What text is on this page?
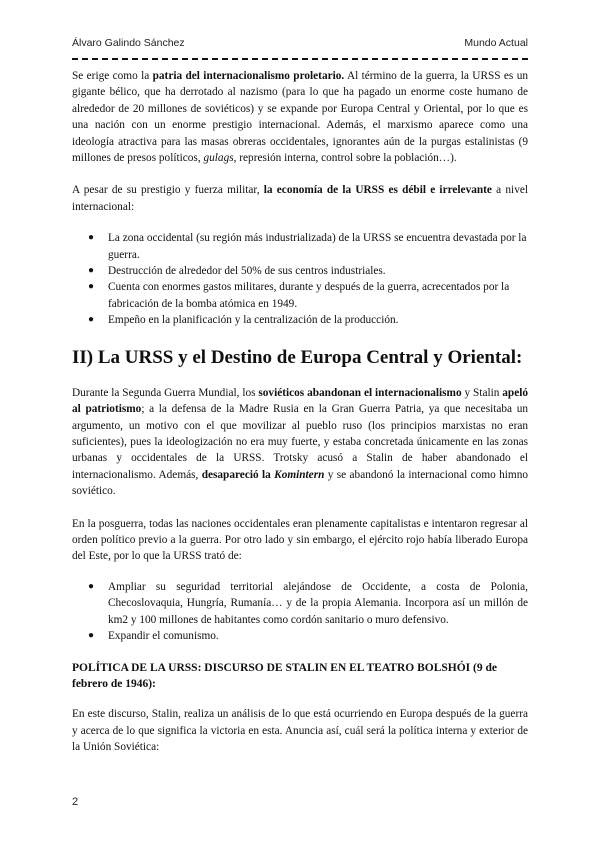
Álvaro Galindo Sánchez	Mundo Actual

Se erige como la patria del internacionalismo proletario. Al término de la guerra, la URSS es un gigante bélico, que ha derrotado al nazismo (para lo que ha pagado un enorme coste humano de alrededor de 20 millones de soviéticos) y se expande por Europa Central y Oriental, por lo que es una nación con un enorme prestigio internacional. Además, el marxismo aparece como una ideología atractiva para las masas obreras occidentales, ignorantes aún de la purgas estalinistas (9 millones de presos políticos, gulags, represión interna, control sobre la población…).

A pesar de su prestigio y fuerza militar, la economía de la URSS es débil e irrelevante a nivel internacional:

● La zona occidental (su región más industrializada) de la URSS se encuentra devastada por la guerra.
● Destrucción de alrededor del 50% de sus centros industriales.
● Cuenta con enormes gastos militares, durante y después de la guerra, acrecentados por la fabricación de la bomba atómica en 1949.
● Empeño en la planificación y la centralización de la producción.
II) La URSS y el Destino de Europa Central y Oriental:

Durante la Segunda Guerra Mundial, los soviéticos abandonan el internacionalismo y Stalin apeló al patriotismo; a la defensa de la Madre Rusia en la Gran Guerra Patria, ya que necesitaba un argumento, un motivo con el que movilizar al pueblo ruso (los principios marxistas no eran suficientes), pues la ideologización no era muy fuerte, y estaba concretada únicamente en las zonas urbanas y occidentales de la URSS. Trotsky acusó a Stalin de haber abandonado el internacionalismo. Además, desapareció la Komintern y se abandonó la internacional como himno soviético.

En la posguerra, todas las naciones occidentales eran plenamente capitalistas e intentaron regresar al orden político previo a la guerra. Por otro lado y sin embargo, el ejército rojo había liberado Europa del Este, por lo que la URSS trató de:

● Ampliar su seguridad territorial alejándose de Occidente, a costa de Polonia, Checoslovaquia, Hungría, Rumanía… y de la propia Alemania. Incorpora así un millón de km2 y 100 millones de habitantes como cordón sanitario o muro defensivo.
● Expandir el comunismo.
POLÍTICA DE LA URSS: DISCURSO DE STALIN EN EL TEATRO BOLSHÓI (9 de febrero de 1946):

En este discurso, Stalin, realiza un análisis de lo que está ocurriendo en Europa después de la guerra y acerca de lo que significa la victoria en esta. Anuncia así, cuál será la política interna y exterior de la Unión Soviética:

2
